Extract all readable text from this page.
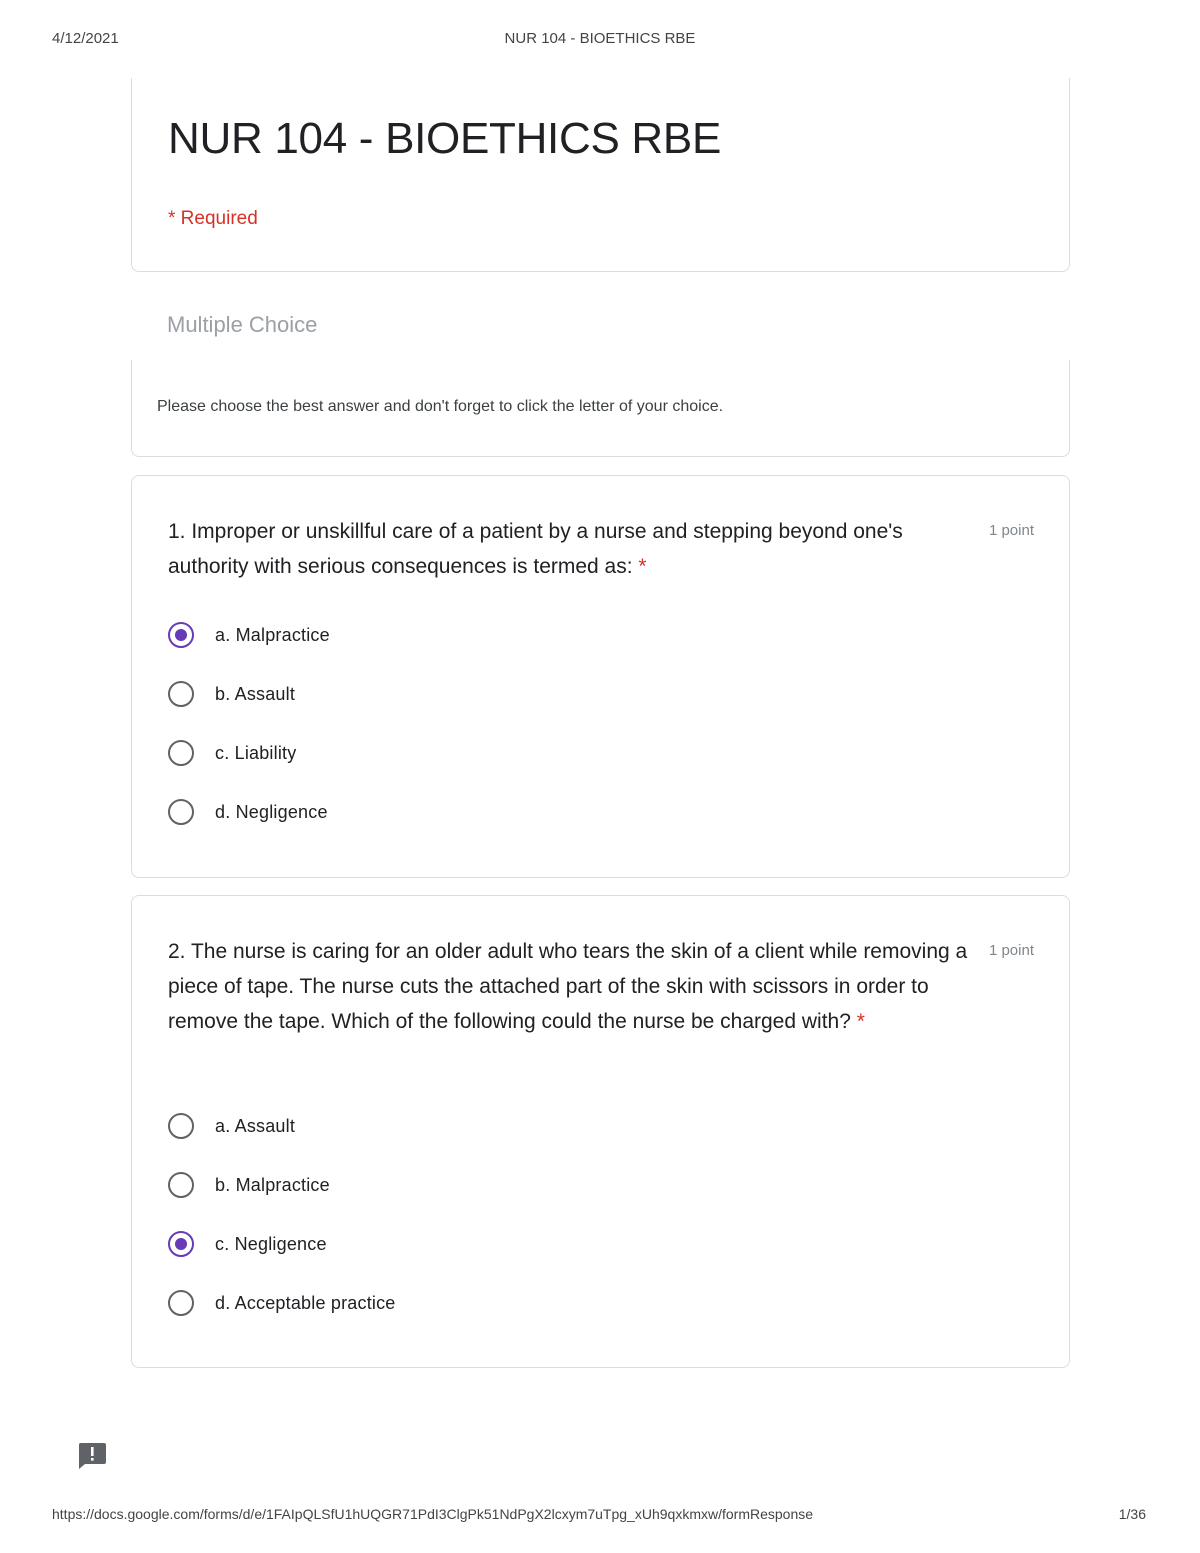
4/12/2021	NUR 104 - BIOETHICS RBE
NUR 104 - BIOETHICS RBE
* Required
Multiple Choice
Please choose the best answer and don't forget to click the letter of your choice.
1. Improper or unskillful care of a patient by a nurse and stepping beyond one's authority with serious consequences is termed as: *
1 point
a. Malpractice
b. Assault
c. Liability
d. Negligence
2. The nurse is caring for an older adult who tears the skin of a client while removing a piece of tape. The nurse cuts the attached part of the skin with scissors in order to remove the tape. Which of the following could the nurse be charged with? *
1 point
a. Assault
b. Malpractice
c. Negligence
d. Acceptable practice
https://docs.google.com/forms/d/e/1FAIpQLSfU1hUQGR71PdI3ClgPk51NdPgX2lcxym7uTpg_xUh9qxkmxw/formResponse	1/36
